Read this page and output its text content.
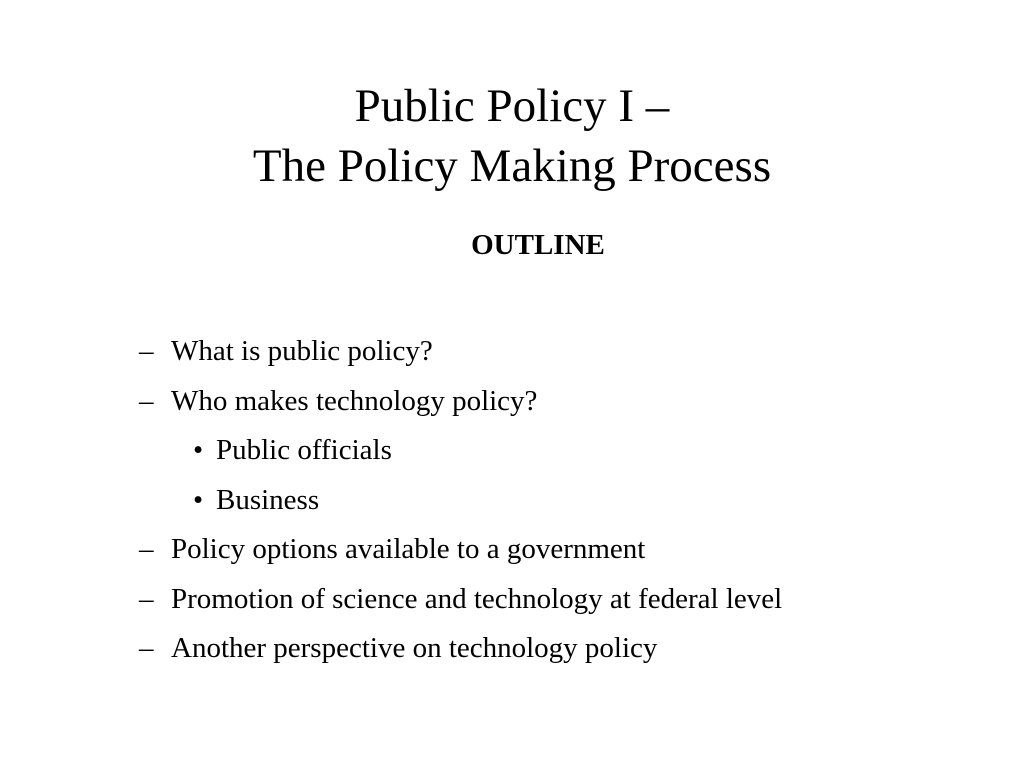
Public Policy I –
The Policy Making Process
OUTLINE
– What is public policy?
– Who makes technology policy?
• Public officials
• Business
– Policy options available to a government
– Promotion of science and technology at federal level
– Another perspective on technology policy
